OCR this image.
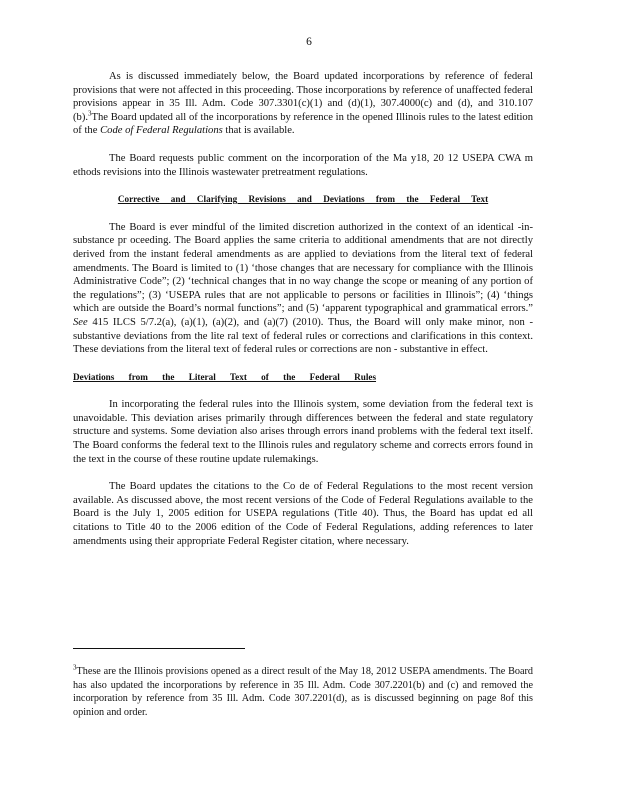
6

As is discussed immediately below, the Board updated incorporations by reference of federal provisions that were not affected in this proceeding. Those incorporations by reference of unaffected federal provisions appear in 35 Ill. Adm. Code 307.3301(c)(1) and (d)(1), 307.4000(c) and (d), and 310.107 (b).$^3$The Board updated all of the incorporations by reference in the opened Illinois rules to the latest edition of the Code of Federal Regulations that is available.

The Board requests public comment on the incorporation of the Ma y18, 20 12 USEPA CWA m ethods revisions into the Illinois wastewater pretreatment regulations.

Corrective and Clarifying Revisions and Deviations from the Federal Text

The Board is ever mindful of the limited discretion authorized in the context of an identical -in-substance pr oceeding. The Board applies the same criteria to additional amendments that are not directly derived from the instant federal amendments as are applied to deviations from the literal text of federal amendments. The Board is limited to (1) ‘those changes that are necessary for compliance with the Illinois Administrative Code”; (2) ‘technical changes that in no way change the scope or meaning of any portion of the regulations”; (3) ‘USEPA rules that are not applicable to persons or facilities in Illinois”; (4) ‘things which are outside the Board’s normal functions”; and (5) ‘apparent typographical and grammatical errors.” See 415 ILCS 5/7.2(a), (a)(1), (a)(2), and (a)(7) (2010). Thus, the Board will only make minor, non -substantive deviations from the lite ral text of federal rules or corrections and clarifications in this context. These deviations from the literal text of federal rules or corrections are non - substantive in effect.

Deviations from the Literal Text of the Federal Rules

In incorporating the federal rules into the Illinois system, some deviation from the federal text is unavoidable. This deviation arises primarily through differences between the federal and state regulatory structure and systems. Some deviation also arises through errors inand problems with the federal text itself. The Board conforms the federal text to the Illinois rules and regulatory scheme and corrects errors found in the text in the course of these routine update rulemakings.

The Board updates the citations to the Co de of Federal Regulations to the most recent version available. As discussed above, the most recent versions of the Code of Federal Regulations available to the Board is the July 1, 2005 edition for USEPA regulations (Title 40). Thus, the Board has updat ed all citations to Title 40 to the 2006 edition of the Code of Federal Regulations, adding references to later amendments using their appropriate Federal Register citation, where necessary.

$^3$These are the Illinois provisions opened as a direct result of the May 18, 2012 USEPA amendments. The Board has also updated the incorporations by reference in 35 Ill. Adm. Code 307.2201(b) and (c) and removed the incorporation by reference from 35 Ill. Adm. Code 307.2201(d), as is discussed beginning on page 8of this opinion and order.
